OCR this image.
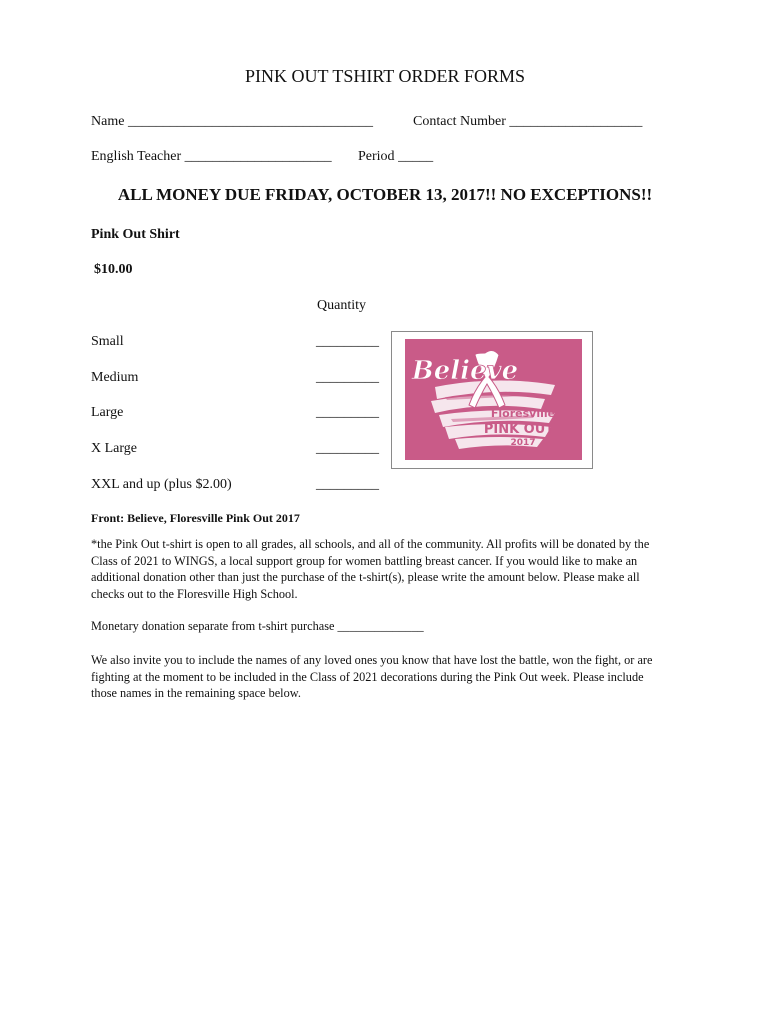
PINK OUT TSHIRT ORDER FORMS
Name ___________________________________	Contact Number ___________________
English Teacher _____________________ Period _____
ALL MONEY DUE FRIDAY, OCTOBER 13, 2017!! NO EXCEPTIONS!!
Pink Out Shirt
$10.00
Quantity
Small	_________
Medium	_________
Large	_________
X Large	_________
XXL and up (plus $2.00)	_________
Believe
Floresville
PINK OUT
2017
Front: Believe, Floresville Pink Out 2017
*the Pink Out t-shirt is open to all grades, all schools, and all of the community. All profits will be donated by the Class of 2021 to WINGS, a local support group for women battling breast cancer. If you would like to make an additional donation other than just the purchase of the t-shirt(s), please write the amount below. Please make all checks out to the Floresville High School.
Monetary donation separate from t-shirt purchase ______________
We also invite you to include the names of any loved ones you know that have lost the battle, won the fight, or are fighting at the moment to be included in the Class of 2021 decorations during the Pink Out week. Please include those names in the remaining space below.
